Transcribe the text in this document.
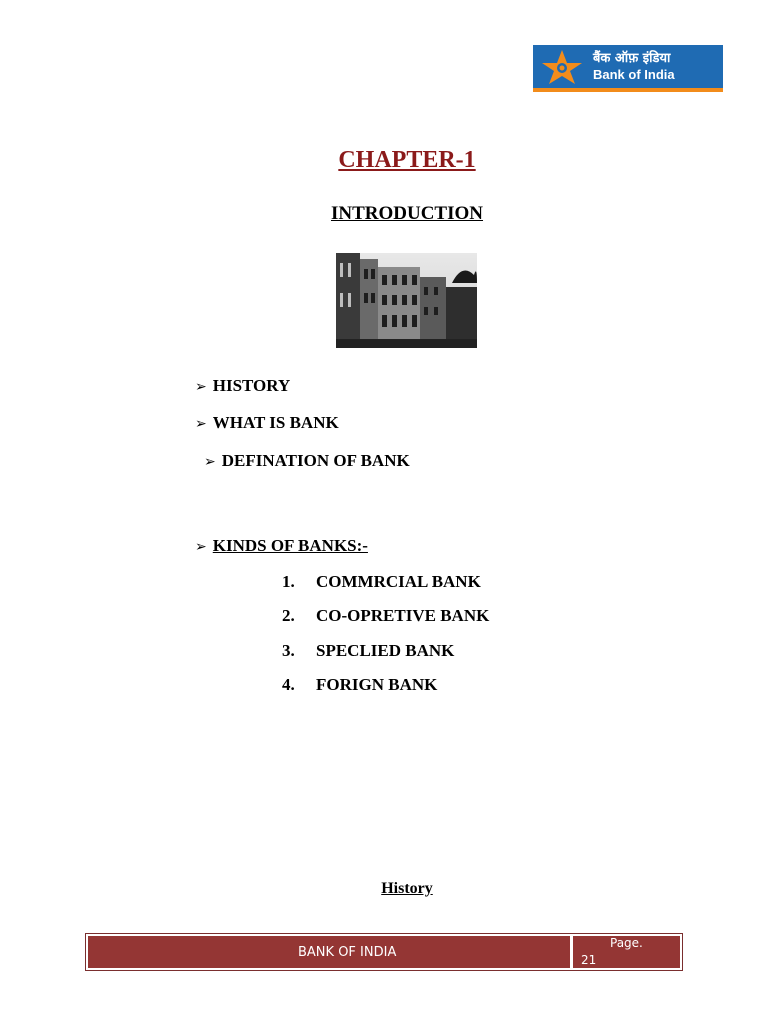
बैंक ऑफ़ इंडिया
Bank of India
CHAPTER-1
INTRODUCTION
➢ HISTORY
➢ WHAT IS BANK
➢ DEFINATION OF BANK
➢ KINDS OF BANKS:-
1. COMMRCIAL BANK
2. CO-OPRETIVE BANK
3. SPECLIED BANK
4. FORIGN BANK
History
BANK OF INDIA
Page.
21
